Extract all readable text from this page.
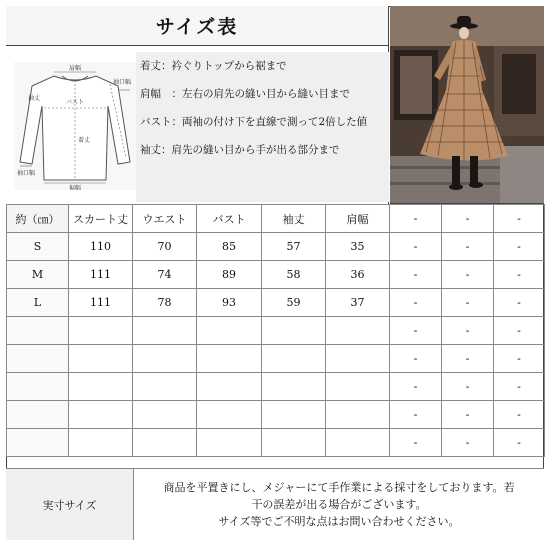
サイズ表
肩幅
袖口幅
袖丈
バスト
着丈
袖口幅
裾幅
着丈：衿ぐりトップから裾まで
肩幅　：左右の肩先の縫い目から縫い目まで
バスト：両袖の付け下を直線で測って2倍した値
袖丈：肩先の縫い目から手が出る部分まで
約（㎝）	スカート丈	ウエスト	バスト	袖丈	肩幅	-	-	-
S	110	70	85	57	35	-	-	-
M	111	74	89	58	36	-	-	-
L	111	78	93	59	37	-	-	-
						-	-	-
						-	-	-
						-	-	-
						-	-	-
						-	-	-
実寸サイズ
商品を平置きにし、メジャーにて手作業による採寸をしております。若
干の誤差が出る場合がございます。
サイズ等でご不明な点はお問い合わせください。
